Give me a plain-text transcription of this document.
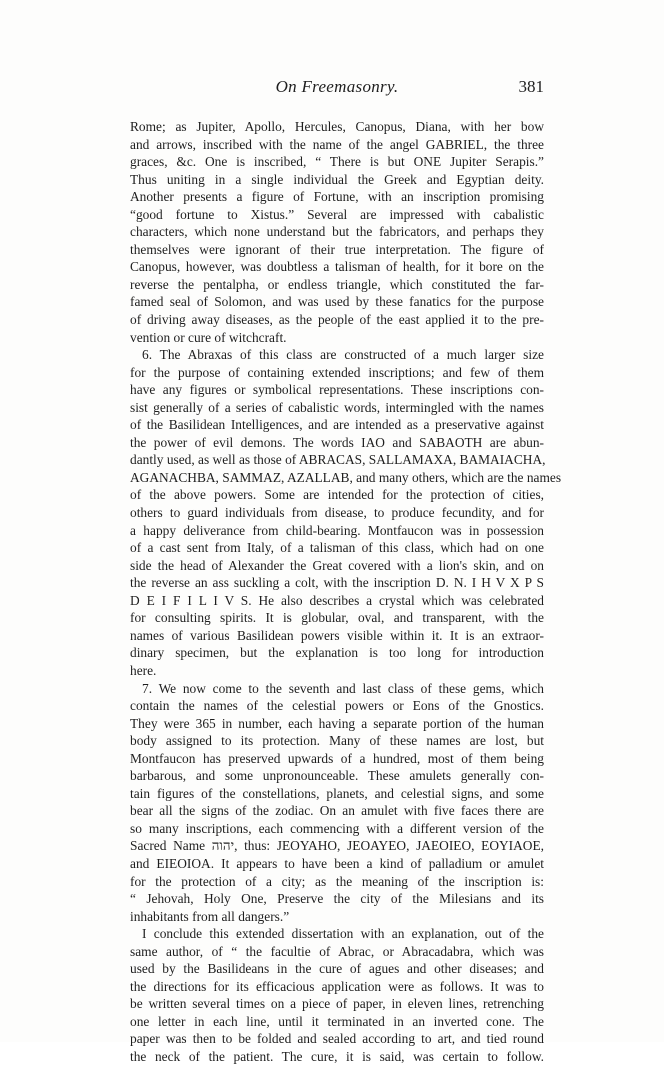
On Freemasonry.	381
Rome; as Jupiter, Apollo, Hercules, Canopus, Diana, with her bow
and arrows, inscribed with the name of the angel GABRIEL, the three
graces, &c. One is inscribed, “ There is but ONE Jupiter Serapis.”
Thus uniting in a single individual the Greek and Egyptian deity.
Another presents a figure of Fortune, with an inscription promising
“good fortune to Xistus.” Several are impressed with cabalistic
characters, which none understand but the fabricators, and perhaps they
themselves were ignorant of their true interpretation. The figure of
Canopus, however, was doubtless a talisman of health, for it bore on the
reverse the pentalpha, or endless triangle, which constituted the far-
famed seal of Solomon, and was used by these fanatics for the purpose
of driving away diseases, as the people of the east applied it to the pre-
vention or cure of witchcraft.
6. The Abraxas of this class are constructed of a much larger size
for the purpose of containing extended inscriptions; and few of them
have any figures or symbolical representations. These inscriptions con-
sist generally of a series of cabalistic words, intermingled with the names
of the Basilidean Intelligences, and are intended as a preservative against
the power of evil demons. The words IAO and SABAOTH are abun-
dantly used, as well as those of ABRACAS, SALLAMAXA, BAMAIACHA,
AGANACHBA, SAMMAZ, AZALLAB, and many others, which are the names
of the above powers. Some are intended for the protection of cities,
others to guard individuals from disease, to produce fecundity, and for
a happy deliverance from child-bearing. Montfaucon was in possession
of a cast sent from Italy, of a talisman of this class, which had on one
side the head of Alexander the Great covered with a lion's skin, and on
the reverse an ass suckling a colt, with the inscription D. N. I H V X P S
D E I F I L I V S. He also describes a crystal which was celebrated
for consulting spirits. It is globular, oval, and transparent, with the
names of various Basilidean powers visible within it. It is an extraor-
dinary specimen, but the explanation is too long for introduction
here.
7. We now come to the seventh and last class of these gems, which
contain the names of the celestial powers or Eons of the Gnostics.
They were 365 in number, each having a separate portion of the human
body assigned to its protection. Many of these names are lost, but
Montfaucon has preserved upwards of a hundred, most of them being
barbarous, and some unpronounceable. These amulets generally con-
tain figures of the constellations, planets, and celestial signs, and some
bear all the signs of the zodiac. On an amulet with five faces there are
so many inscriptions, each commencing with a different version of the
Sacred Name יהוה, thus: JEOYAHO, JEOAYEO, JAEOIEO, EOYIAOE,
and EIEOIOA. It appears to have been a kind of palladium or amulet
for the protection of a city; as the meaning of the inscription is:
“ Jehovah, Holy One, Preserve the city of the Milesians and its
inhabitants from all dangers.”
I conclude this extended dissertation with an explanation, out of the
same author, of “ the facultie of Abrac, or Abracadabra, which was
used by the Basilideans in the cure of agues and other diseases; and
the directions for its efficacious application were as follows. It was to
be written several times on a piece of paper, in eleven lines, retrenching
one letter in each line, until it terminated in an inverted cone. The
paper was then to be folded and sealed according to art, and tied round
the neck of the patient. The cure, it is said, was certain to follow.
